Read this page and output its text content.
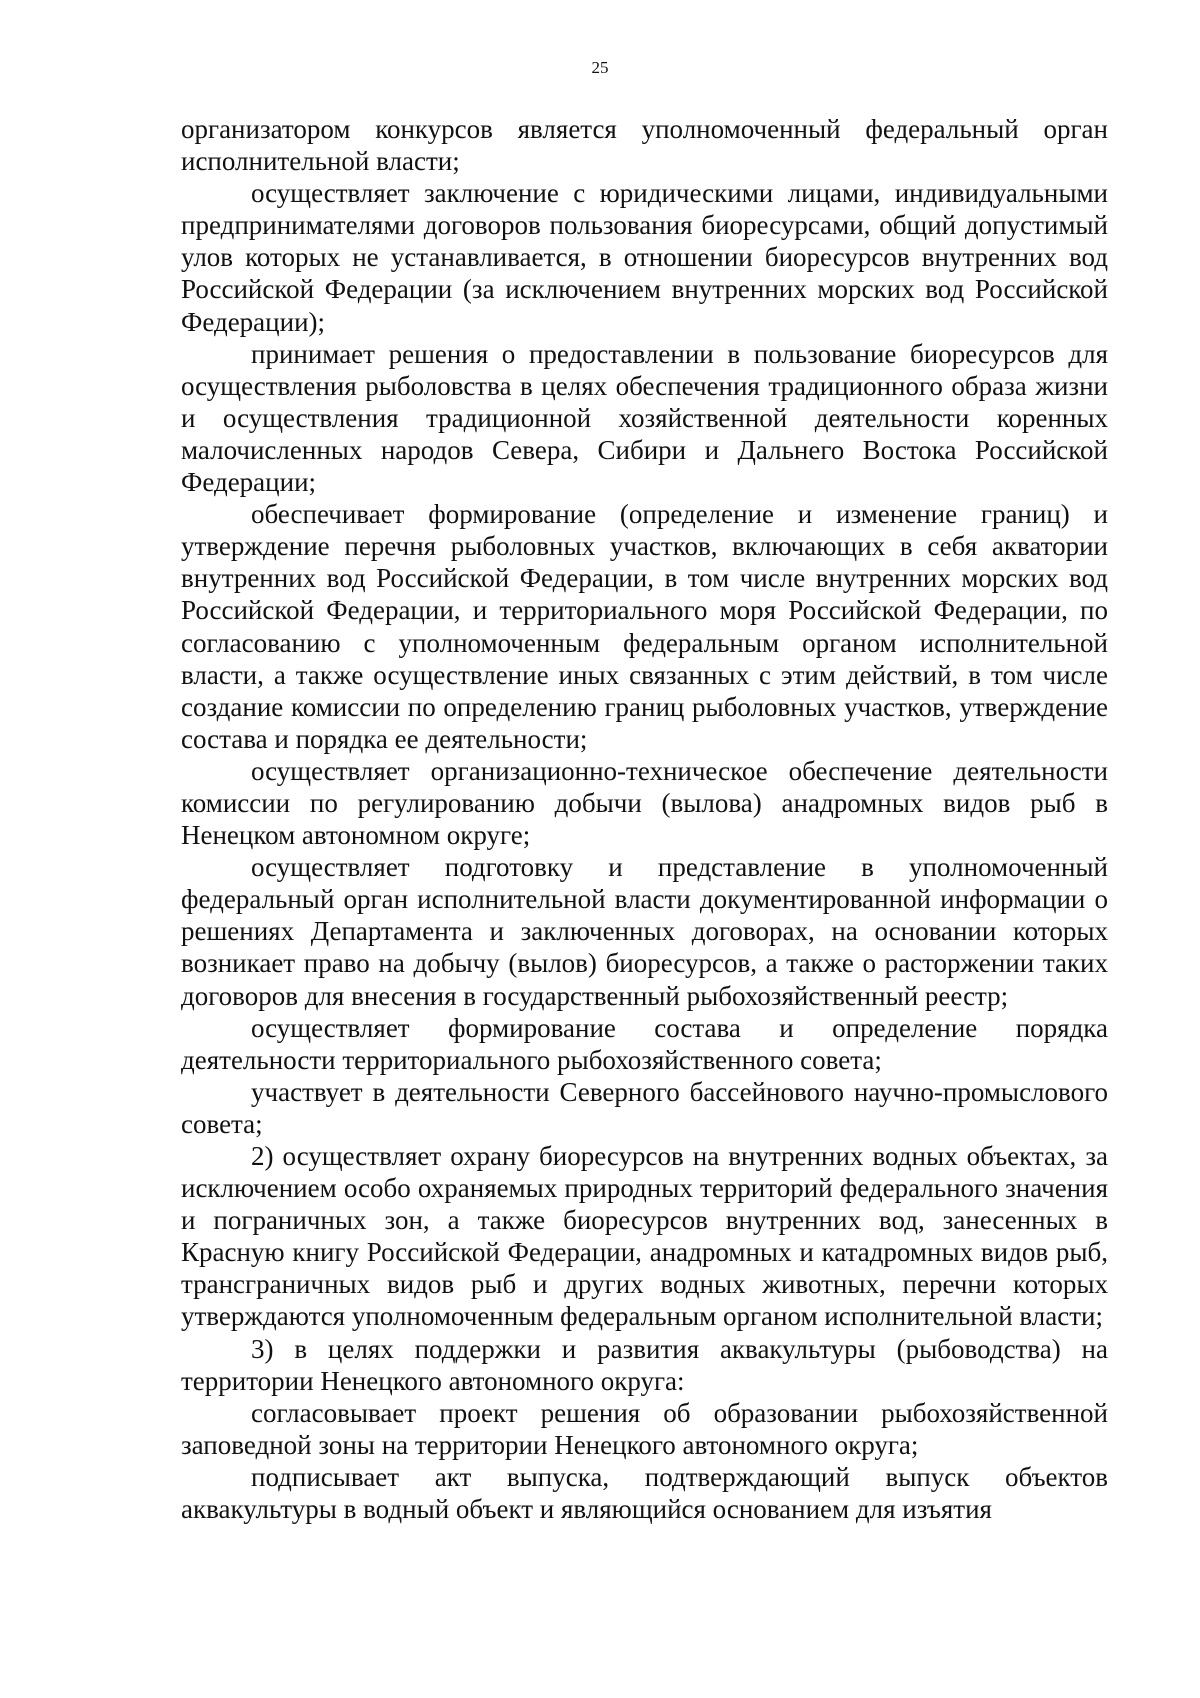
25

организатором конкурсов является уполномоченный федеральный орган исполнительной власти;

осуществляет заключение с юридическими лицами, индивидуальными предпринимателями договоров пользования биоресурсами, общий допустимый улов которых не устанавливается, в отношении биоресурсов внутренних вод Российской Федерации (за исключением внутренних морских вод Российской Федерации);

принимает решения о предоставлении в пользование биоресурсов для осуществления рыболовства в целях обеспечения традиционного образа жизни и осуществления традиционной хозяйственной деятельности коренных малочисленных народов Севера, Сибири и Дальнего Востока Российской Федерации;

обеспечивает формирование (определение и изменение границ) и утверждение перечня рыболовных участков, включающих в себя акватории внутренних вод Российской Федерации, в том числе внутренних морских вод Российской Федерации, и территориального моря Российской Федерации, по согласованию с уполномоченным федеральным органом исполнительной власти, а также осуществление иных связанных с этим действий, в том числе создание комиссии по определению границ рыболовных участков, утверждение состава и порядка ее деятельности;

осуществляет организационно-техническое обеспечение деятельности комиссии по регулированию добычи (вылова) анадромных видов рыб в Ненецком автономном округе;

осуществляет подготовку и представление в уполномоченный федеральный орган исполнительной власти документированной информации о решениях Департамента и заключенных договорах, на основании которых возникает право на добычу (вылов) биоресурсов, а также о расторжении таких договоров для внесения в государственный рыбохозяйственный реестр;

осуществляет формирование состава и определение порядка деятельности территориального рыбохозяйственного совета;

участвует в деятельности Северного бассейнового научно-промыслового совета;

2) осуществляет охрану биоресурсов на внутренних водных объектах, за исключением особо охраняемых природных территорий федерального значения и пограничных зон, а также биоресурсов внутренних вод, занесенных в Красную книгу Российской Федерации, анадромных и катадромных видов рыб, трансграничных видов рыб и других водных животных, перечни которых утверждаются уполномоченным федеральным органом исполнительной власти;

3) в целях поддержки и развития аквакультуры (рыбоводства) на территории Ненецкого автономного округа:

согласовывает проект решения об образовании рыбохозяйственной заповедной зоны на территории Ненецкого автономного округа;

подписывает акт выпуска, подтверждающий выпуск объектов аквакультуры в водный объект и являющийся основанием для изъятия
